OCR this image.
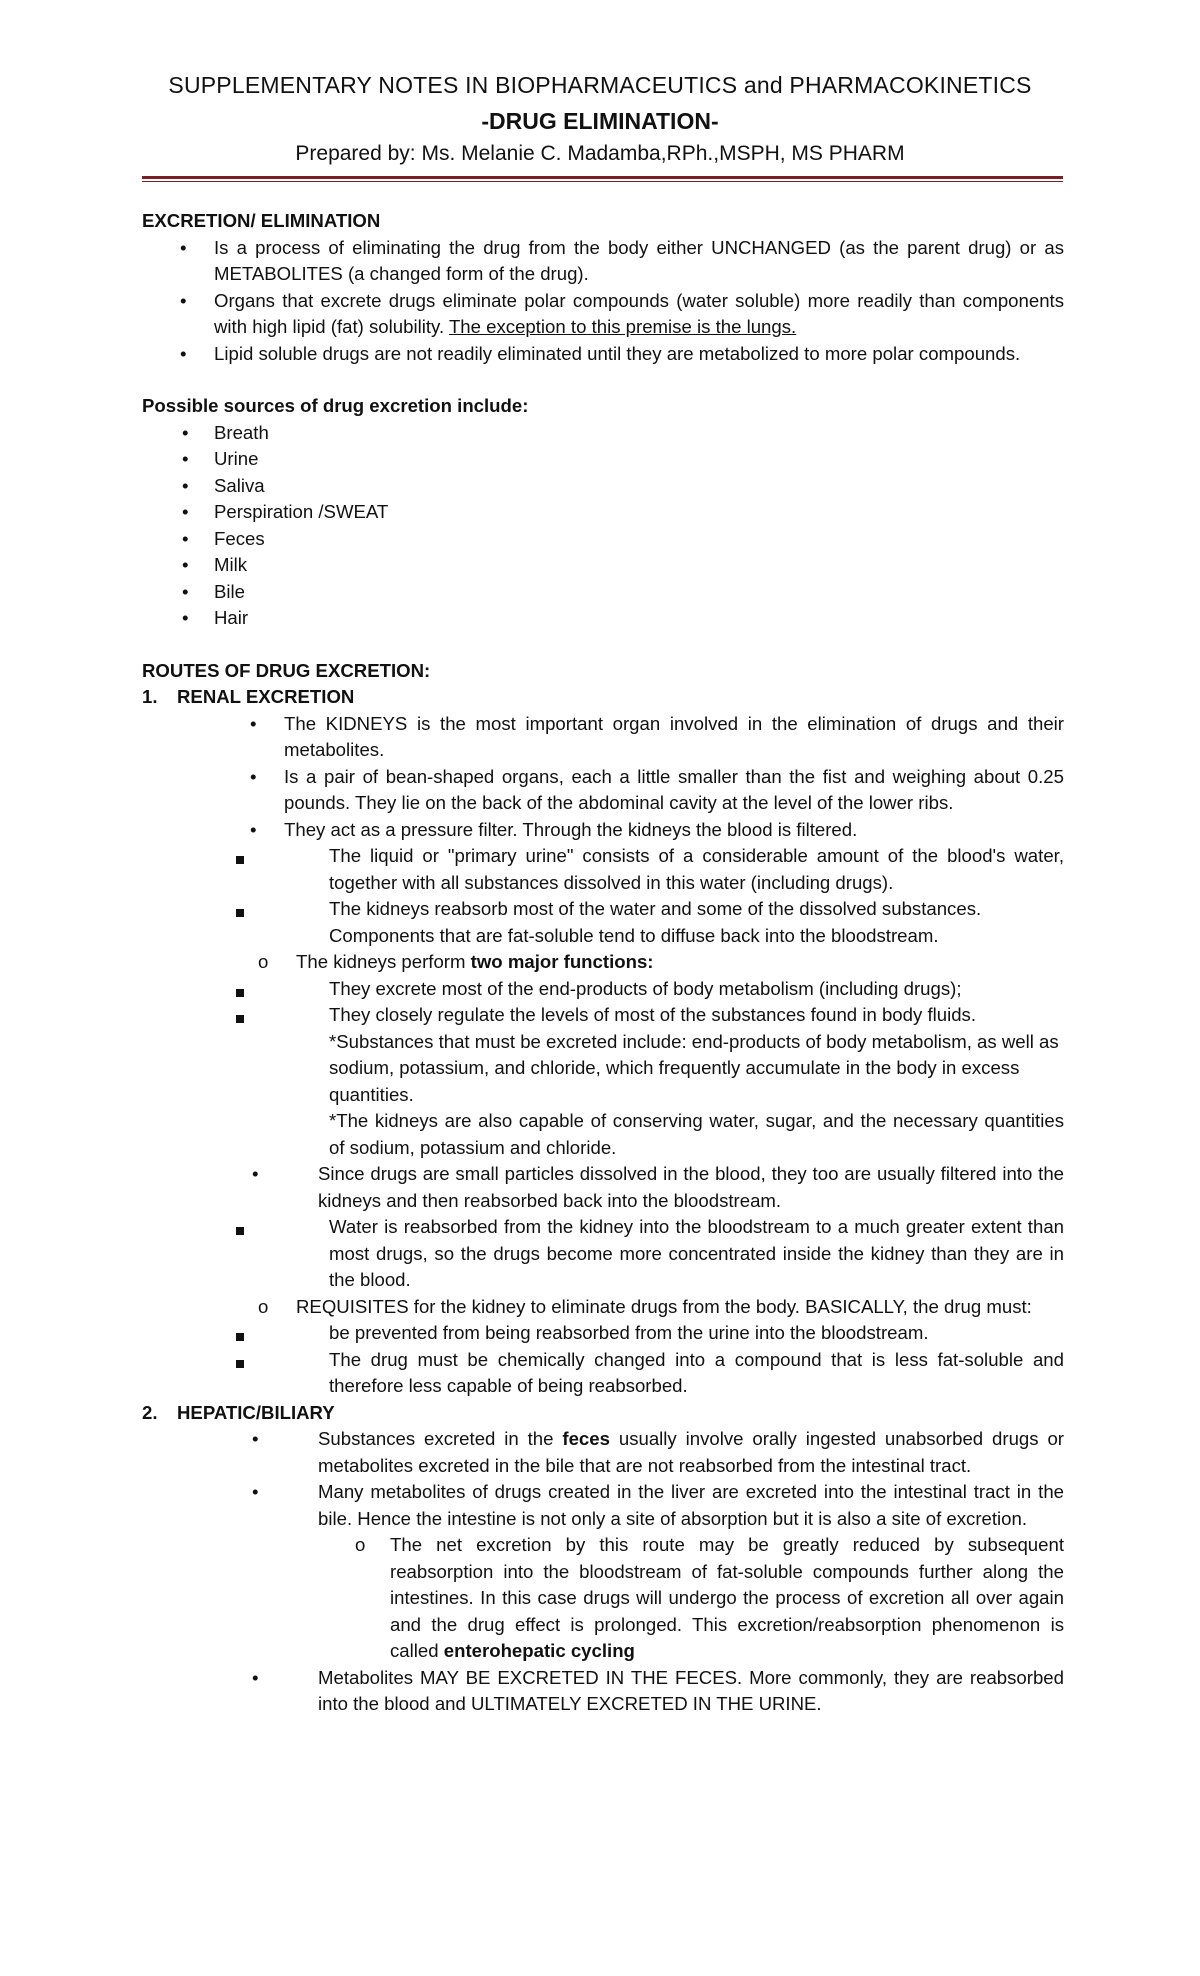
SUPPLEMENTARY NOTES IN BIOPHARMACEUTICS and PHARMACOKINETICS
-DRUG ELIMINATION-
Prepared by: Ms. Melanie C. Madamba,RPh.,MSPH, MS PHARM

EXCRETION/ ELIMINATION

• Is a process of eliminating the drug from the body either UNCHANGED (as the parent drug) or as METABOLITES (a changed form of the drug).
• Organs that excrete drugs eliminate polar compounds (water soluble) more readily than components with high lipid (fat) solubility. The exception to this premise is the lungs.
• Lipid soluble drugs are not readily eliminated until they are metabolized to more polar compounds.

Possible sources of drug excretion include:

• Breath
• Urine
• Saliva
• Perspiration /SWEAT
• Feces
• Milk
• Bile
• Hair

ROUTES OF DRUG EXCRETION:

1. RENAL EXCRETION
• The KIDNEYS is the most important organ involved in the elimination of drugs and their metabolites.
• Is a pair of bean-shaped organs, each a little smaller than the fist and weighing about 0.25 pounds. They lie on the back of the abdominal cavity at the level of the lower ribs.
• They act as a pressure filter. Through the kidneys the blood is filtered.
The liquid or "primary urine" consists of a considerable amount of the blood's water, together with all substances dissolved in this water (including drugs).
The kidneys reabsorb most of the water and some of the dissolved substances. Components that are fat-soluble tend to diffuse back into the bloodstream.
o The kidneys perform two major functions:
They excrete most of the end-products of body metabolism (including drugs);
They closely regulate the levels of most of the substances found in body fluids.
*Substances that must be excreted include: end-products of body metabolism, as well as sodium, potassium, and chloride, which frequently accumulate in the body in excess quantities.
*The kidneys are also capable of conserving water, sugar, and the necessary quantities of sodium, potassium and chloride.
•	Since drugs are small particles dissolved in the blood, they too are usually filtered into the kidneys and then reabsorbed back into the bloodstream.
Water is reabsorbed from the kidney into the bloodstream to a much greater extent than most drugs, so the drugs become more concentrated inside the kidney than they are in the blood.
o REQUISITES for the kidney to eliminate drugs from the body. BASICALLY, the drug must:
be prevented from being reabsorbed from the urine into the bloodstream.
The drug must be chemically changed into a compound that is less fat-soluble and therefore less capable of being reabsorbed.
2. HEPATIC/BILIARY
•	Substances excreted in the feces usually involve orally ingested unabsorbed drugs or metabolites excreted in the bile that are not reabsorbed from the intestinal tract.
•	Many metabolites of drugs created in the liver are excreted into the intestinal tract in the bile. Hence the intestine is not only a site of absorption but it is also a site of excretion.
o The net excretion by this route may be greatly reduced by subsequent reabsorption into the bloodstream of fat-soluble compounds further along the intestines. In this case drugs will undergo the process of excretion all over again and the drug effect is prolonged. This excretion/reabsorption phenomenon is called enterohepatic cycling
•	Metabolites MAY BE EXCRETED IN THE FECES. More commonly, they are reabsorbed into the blood and ULTIMATELY EXCRETED IN THE URINE.
